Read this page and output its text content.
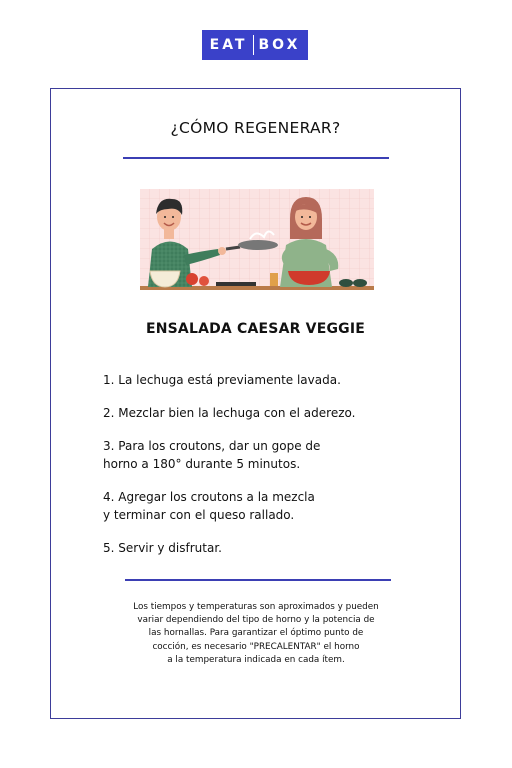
EAT BOX
¿CÓMO REGENERAR?
ENSALADA CAESAR VEGGIE

1. La lechuga está previamente lavada.

2. Mezclar bien la lechuga con el aderezo.

3. Para los croutons, dar un gope de
horno a 180° durante 5 minutos.

4. Agregar los croutons a la mezcla
y terminar con el queso rallado.

5. Servir y disfrutar.

Los tiempos y temperaturas son aproximados y pueden
variar dependiendo del tipo de horno y la potencia de
las hornallas. Para garantizar el óptimo punto de
cocción, es necesario "PRECALENTAR" el horno
a la temperatura indicada en cada ítem.
